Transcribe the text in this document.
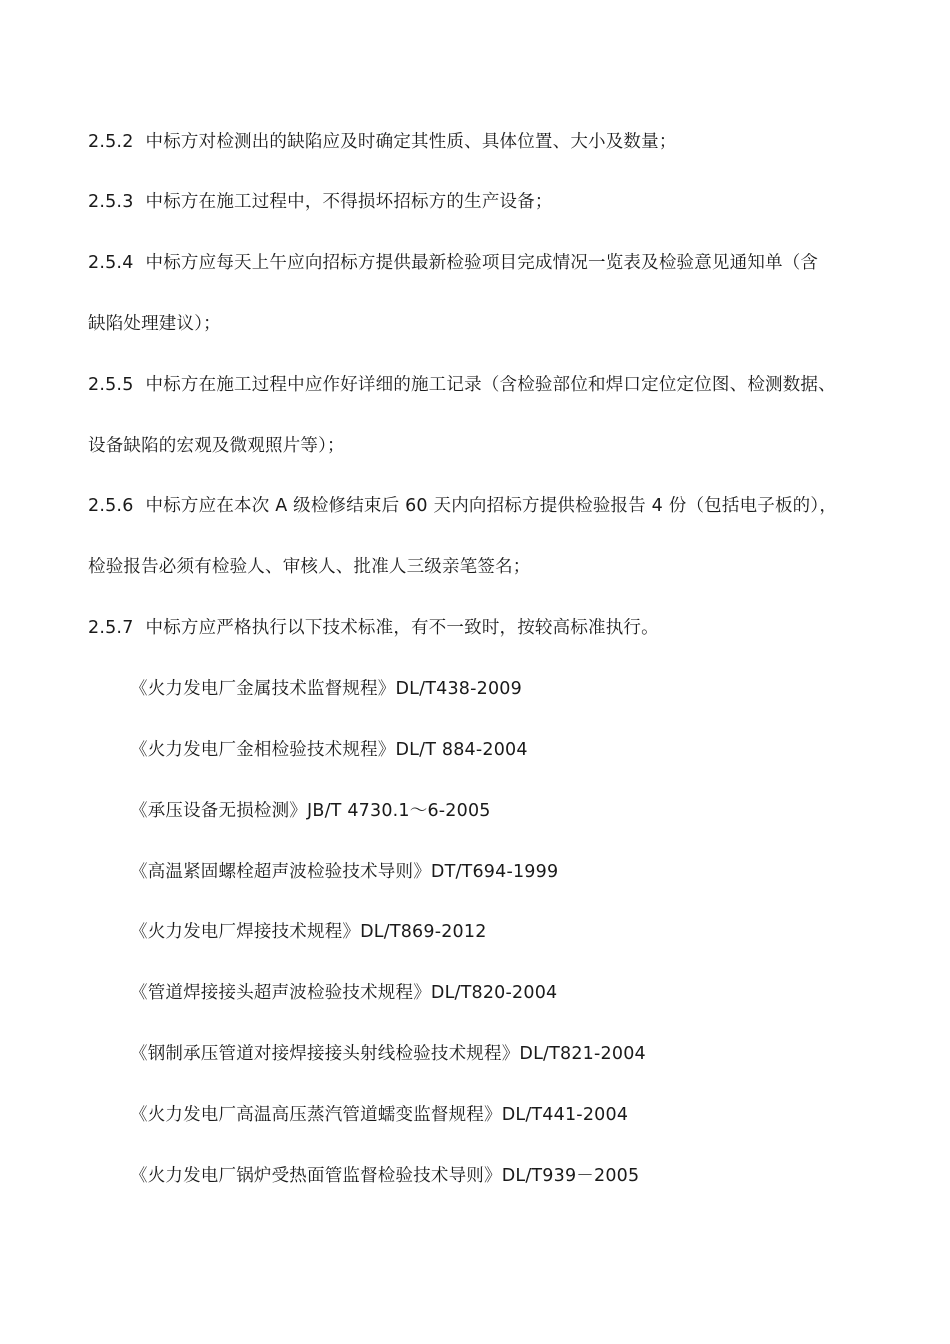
2.5.2 中标方对检测出的缺陷应及时确定其性质、具体位置、大小及数量；
2.5.3 中标方在施工过程中，不得损坏招标方的生产设备；
2.5.4 中标方应每天上午应向招标方提供最新检验项目完成情况一览表及检验意见通知单（含
缺陷处理建议）；
2.5.5 中标方在施工过程中应作好详细的施工记录（含检验部位和焊口定位定位图、检测数据、
设备缺陷的宏观及微观照片等）；
2.5.6 中标方应在本次 A 级检修结束后 60 天内向招标方提供检验报告 4 份（包括电子板的），
检验报告必须有检验人、审核人、批准人三级亲笔签名；
2.5.7 中标方应严格执行以下技术标准，有不一致时，按较高标准执行。
《火力发电厂金属技术监督规程》DL/T438-2009
《火力发电厂金相检验技术规程》DL/T 884-2004
《承压设备无损检测》JB/T 4730.1～6-2005
《高温紧固螺栓超声波检验技术导则》DT/T694-1999
《火力发电厂焊接技术规程》DL/T869-2012
《管道焊接接头超声波检验技术规程》DL/T820-2004
《钢制承压管道对接焊接接头射线检验技术规程》DL/T821-2004
《火力发电厂高温高压蒸汽管道蠕变监督规程》DL/T441-2004
《火力发电厂锅炉受热面管监督检验技术导则》DL/T939－2005
